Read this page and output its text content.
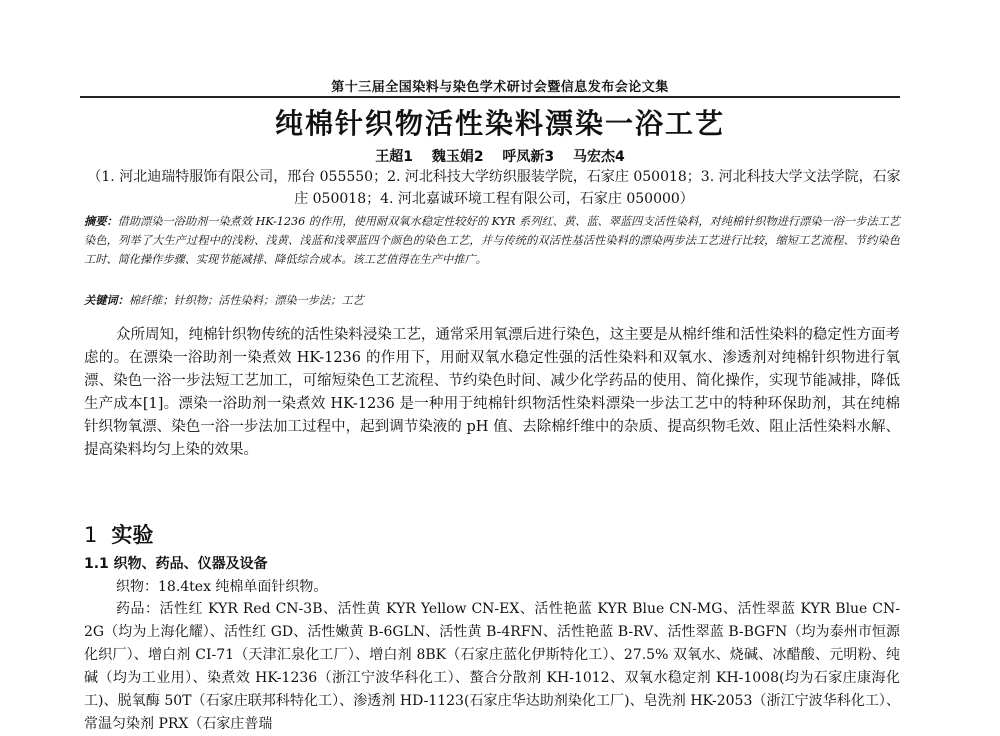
第十三届全国染料与染色学术研讨会暨信息发布会论文集
纯棉针织物活性染料漂染一浴工艺
王超1 魏玉娟2 呼凤新3 马宏杰4
（1. 河北迪瑞特服饰有限公司，邢台 055550；2. 河北科技大学纺织服装学院，石家庄 050018；3. 河北科技大学文法学院，石家庄 050018；4. 河北嘉诚环境工程有限公司，石家庄 050000）
摘要：借助漂染一浴助剂一染煮效 HK-1236 的作用，使用耐双氧水稳定性较好的 KYR 系列红、黄、蓝、翠蓝四支活性染料，对纯棉针织物进行漂染一浴一步法工艺染色，列举了大生产过程中的浅粉、浅黄、浅蓝和浅翠蓝四个颜色的染色工艺，并与传统的双活性基活性染料的漂染两步法工艺进行比较，缩短工艺流程、节约染色工时、简化操作步骤、实现节能减排、降低综合成本。该工艺值得在生产中推广。
关键词：棉纤维；针织物；活性染料；漂染一步法；工艺
众所周知，纯棉针织物传统的活性染料浸染工艺，通常采用氧漂后进行染色，这主要是从棉纤维和活性染料的稳定性方面考虑的。在漂染一浴助剂一染煮效 HK-1236 的作用下，用耐双氧水稳定性强的活性染料和双氧水、渗透剂对纯棉针织物进行氧漂、染色一浴一步法短工艺加工，可缩短染色工艺流程、节约染色时间、减少化学药品的使用、简化操作，实现节能减排，降低生产成本[1]。漂染一浴助剂一染煮效 HK-1236 是一种用于纯棉针织物活性染料漂染一步法工艺中的特种环保助剂，其在纯棉针织物氧漂、染色一浴一步法加工过程中，起到调节染液的 pH 值、去除棉纤维中的杂质、提高织物毛效、阻止活性染料水解、提高染料均匀上染的效果。
1 实验
1.1 织物、药品、仪器及设备
织物：18.4tex 纯棉单面针织物。
药品：活性红 KYR Red CN-3B、活性黄 KYR Yellow CN-EX、活性艳蓝 KYR Blue CN-MG、活性翠蓝 KYR Blue CN-2G（均为上海化耀）、活性红 GD、活性嫩黄 B-6GLN、活性黄 B-4RFN、活性艳蓝 B-RV、活性翠蓝 B-BGFN（均为泰州市恒源化织厂）、增白剂 CI-71（天津汇泉化工厂）、增白剂 8BK（石家庄蓝化伊斯特化工）、27.5% 双氧水、烧碱、冰醋酸、元明粉、纯碱（均为工业用）、染煮效 HK-1236（浙江宁波华科化工）、螯合分散剂 KH-1012、双氧水稳定剂 KH-1008(均为石家庄康海化工)、脱氧酶 50T（石家庄联邦科特化工）、渗透剂 HD-1123(石家庄华达助剂染化工厂)、皂洗剂 HK-2053（浙江宁波华科化工）、常温匀染剂 PRX（石家庄普瑞
